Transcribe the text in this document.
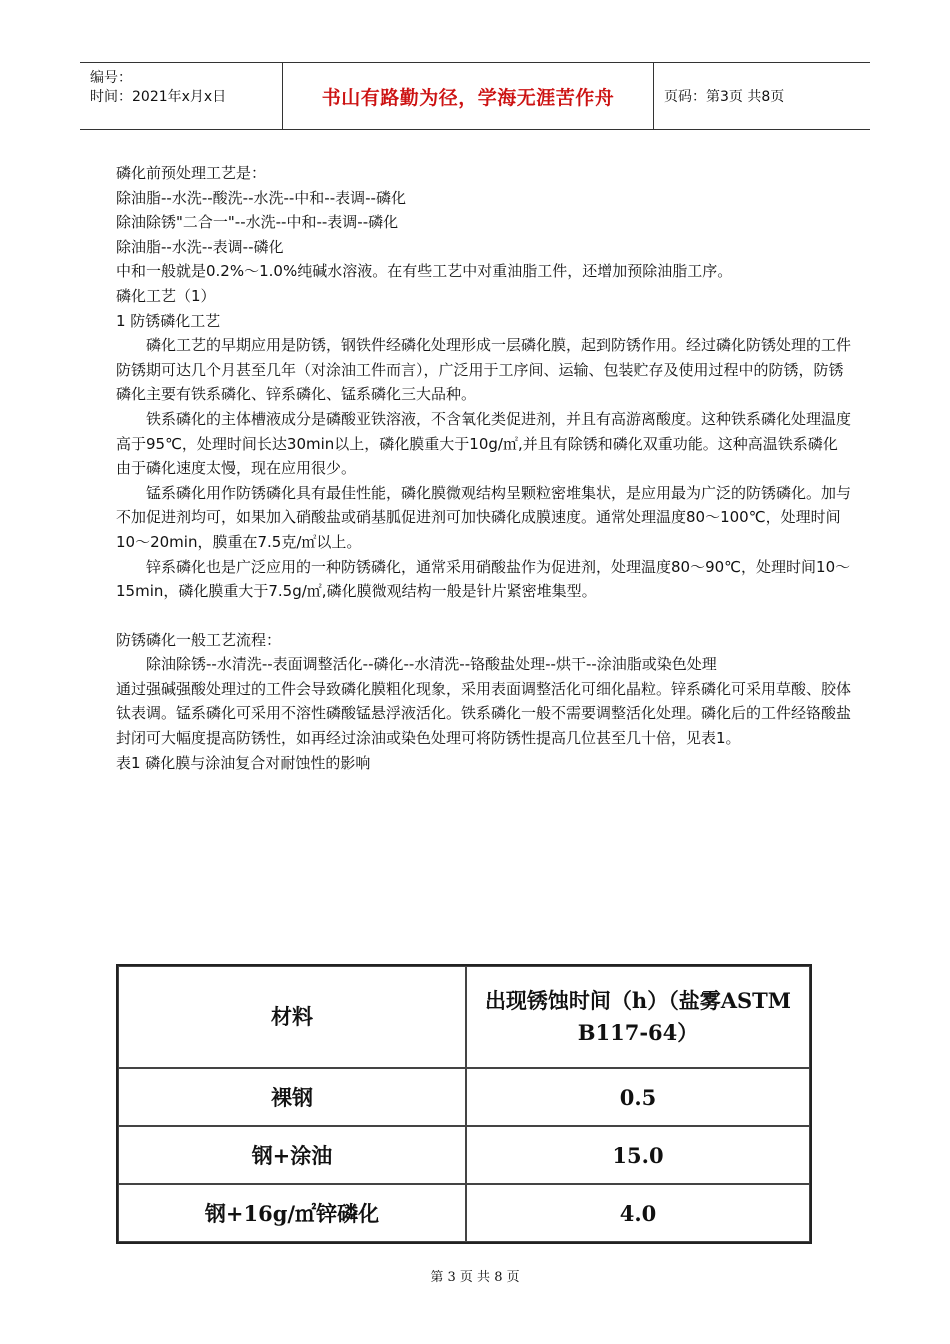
编号：
时间：2021年x月x日	书山有路勤为径，学海无涯苦作舟	页码：第3页 共8页

磷化前预处理工艺是：

除油脂--水洗--酸洗--水洗--中和--表调--磷化

除油除锈"二合一"--水洗--中和--表调--磷化

除油脂--水洗--表调--磷化

中和一般就是0.2%～1.0%纯碱水溶液。在有些工艺中对重油脂工件，还增加预除油脂工序。

磷化工艺（1）

1 防锈磷化工艺

磷化工艺的早期应用是防锈，钢铁件经磷化处理形成一层磷化膜，起到防锈作用。经过磷化防锈处理的工件防锈期可达几个月甚至几年（对涂油工件而言），广泛用于工序间、运输、包装贮存及使用过程中的防锈，防锈磷化主要有铁系磷化、锌系磷化、锰系磷化三大品种。

铁系磷化的主体槽液成分是磷酸亚铁溶液，不含氧化类促进剂，并且有高游离酸度。这种铁系磷化处理温度高于95℃，处理时间长达30min以上，磷化膜重大于10g/㎡,并且有除锈和磷化双重功能。这种高温铁系磷化由于磷化速度太慢，现在应用很少。

锰系磷化用作防锈磷化具有最佳性能，磷化膜微观结构呈颗粒密堆集状，是应用最为广泛的防锈磷化。加与不加促进剂均可，如果加入硝酸盐或硝基胍促进剂可加快磷化成膜速度。通常处理温度80～100℃，处理时间10～20min，膜重在7.5克/㎡以上。

锌系磷化也是广泛应用的一种防锈磷化，通常采用硝酸盐作为促进剂，处理温度80～90℃，处理时间10～15min，磷化膜重大于7.5g/㎡,磷化膜微观结构一般是针片紧密堆集型。

防锈磷化一般工艺流程：

除油除锈--水清洗--表面调整活化--磷化--水清洗--铬酸盐处理--烘干--涂油脂或染色处理

通过强碱强酸处理过的工件会导致磷化膜粗化现象，采用表面调整活化可细化晶粒。锌系磷化可采用草酸、胶体钛表调。锰系磷化可采用不溶性磷酸锰悬浮液活化。铁系磷化一般不需要调整活化处理。磷化后的工件经铬酸盐封闭可大幅度提高防锈性，如再经过涂油或染色处理可将防锈性提高几位甚至几十倍，见表1。

表1 磷化膜与涂油复合对耐蚀性的影响

材料	出现锈蚀时间（h）（盐雾ASTM B117-64）
裸钢	0.5
钢+涂油	15.0
钢+16g/㎡锌磷化	4.0
第 3 页 共 8 页
